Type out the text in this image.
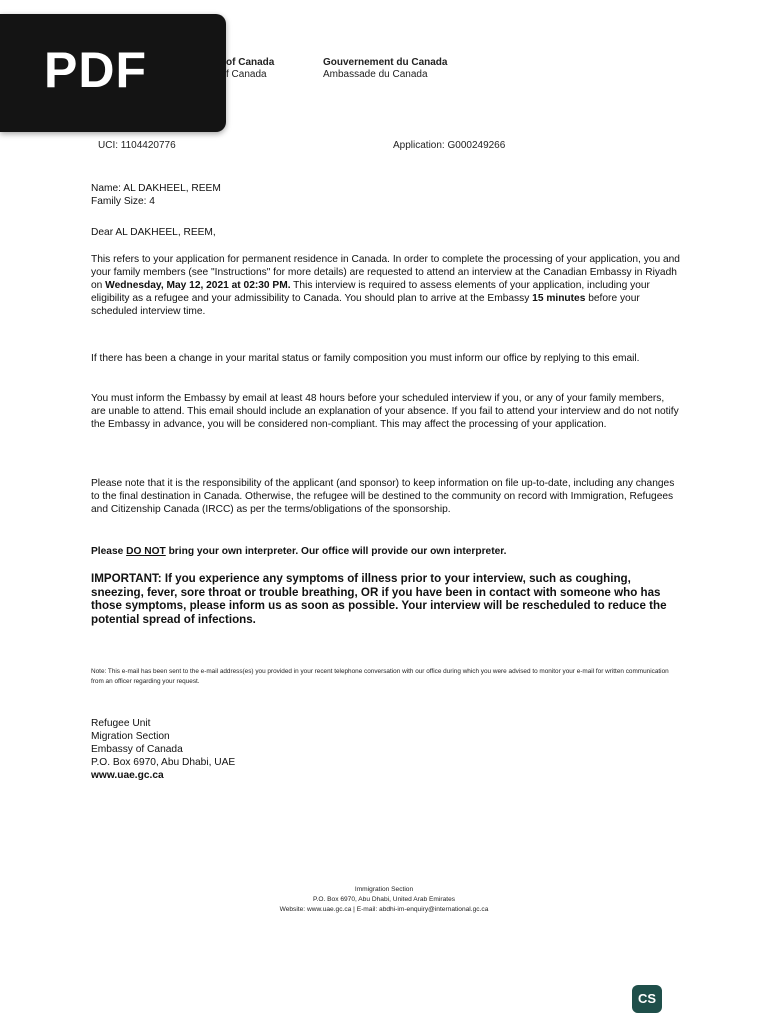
PDF	of Canada
f Canada
Gouvernement du Canada
Ambassade du Canada
UCI: 1104420776	Application: G000249266
Name: AL DAKHEEL, REEM
Family Size: 4
Dear AL DAKHEEL, REEM,

This refers to your application for permanent residence in Canada. In order to complete the processing of your application, you and your family members (see "Instructions" for more details) are requested to attend an interview at the Canadian Embassy in Riyadh on Wednesday, May 12, 2021 at 02:30 PM. This interview is required to assess elements of your application, including your eligibility as a refugee and your admissibility to Canada. You should plan to arrive at the Embassy 15 minutes before your scheduled interview time.

If there has been a change in your marital status or family composition you must inform our office by replying to this email.

You must inform the Embassy by email at least 48 hours before your scheduled interview if you, or any of your family members, are unable to attend. This email should include an explanation of your absence. If you fail to attend your interview and do not notify the Embassy in advance, you will be considered non-compliant. This may affect the processing of your application.

Please note that it is the responsibility of the applicant (and sponsor) to keep information on file up-to-date, including any changes to the final destination in Canada. Otherwise, the refugee will be destined to the community on record with Immigration, Refugees and Citizenship Canada (IRCC) as per the terms/obligations of the sponsorship.

Please DO NOT bring your own interpreter. Our office will provide our own interpreter.

IMPORTANT: If you experience any symptoms of illness prior to your interview, such as coughing, sneezing, fever, sore throat or trouble breathing, OR if you have been in contact with someone who has those symptoms, please inform us as soon as possible. Your interview will be rescheduled to reduce the potential spread of infections.

Note: This e-mail has been sent to the e-mail address(es) you provided in your recent telephone conversation with our office during which you were advised to monitor your e-mail for written communication from an officer regarding your request.

Refugee Unit
Migration Section
Embassy of Canada
P.O. Box 6970, Abu Dhabi, UAE
www.uae.gc.ca
Immigration Section
P.O. Box 6970, Abu Dhabi, United Arab Emirates
Website: www.uae.gc.ca | E-mail: abdhi-im-enquiry@international.gc.ca
CS
